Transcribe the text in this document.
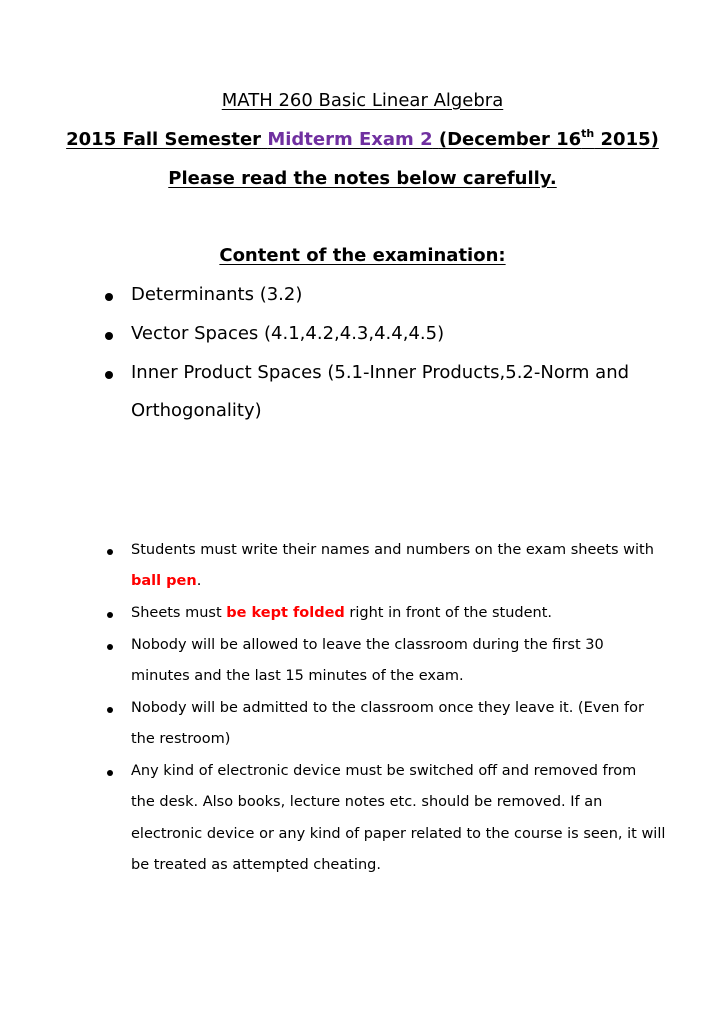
MATH 260 Basic Linear Algebra
2015 Fall Semester Midterm Exam 2 (December 16th 2015)
Please read the notes below carefully.
Content of the examination:
Determinants (3.2)
Vector Spaces (4.1,4.2,4.3,4.4,4.5)
Inner Product Spaces (5.1-Inner Products,5.2-Norm and
Orthogonality)
Students must write their names and numbers on the exam sheets with
ball pen.
Sheets must be kept folded right in front of the student.
Nobody will be allowed to leave the classroom during the first 30
minutes and the last 15 minutes of the exam.
Nobody will be admitted to the classroom once they leave it. (Even for
the restroom)
Any kind of electronic device must be switched off and removed from
the desk. Also books, lecture notes etc. should be removed. If an
electronic device or any kind of paper related to the course is seen, it will
be treated as attempted cheating.
